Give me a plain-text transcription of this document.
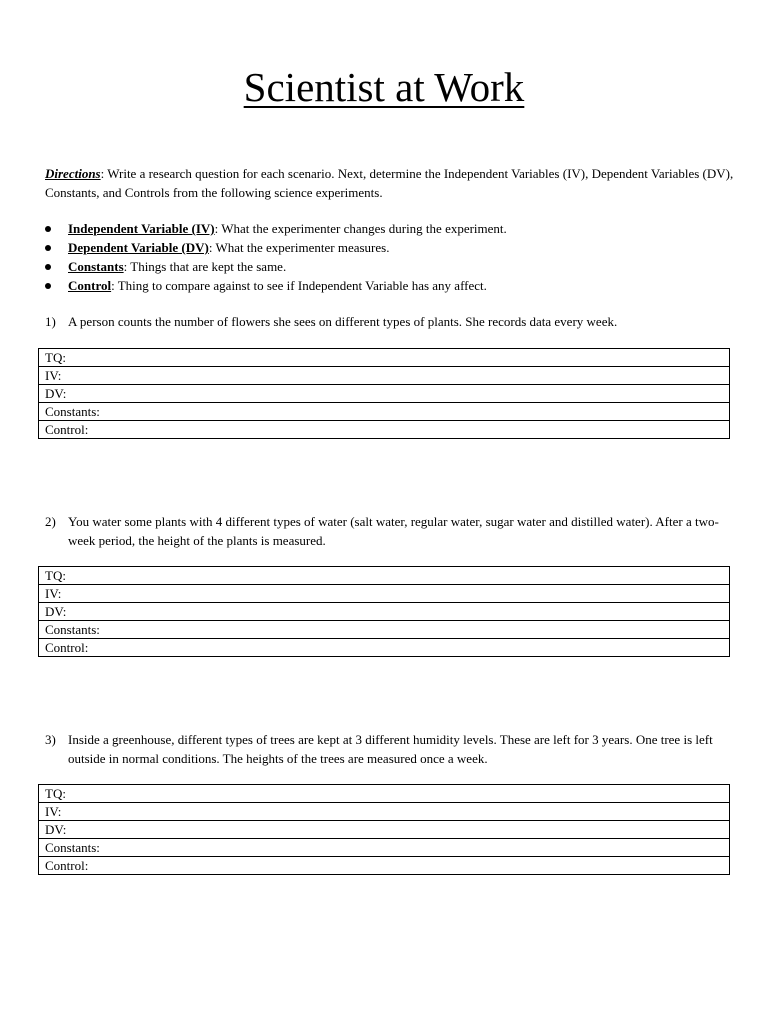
Scientist at Work
Directions: Write a research question for each scenario. Next, determine the Independent Variables (IV), Dependent Variables (DV), Constants, and Controls from the following science experiments.
Independent Variable (IV): What the experimenter changes during the experiment.
Dependent Variable (DV): What the experimenter measures.
Constants: Things that are kept the same.
Control: Thing to compare against to see if Independent Variable has any affect.
1) A person counts the number of flowers she sees on different types of plants. She records data every week.
TQ:
IV:
DV:
Constants:
Control:
2) You water some plants with 4 different types of water (salt water, regular water, sugar water and distilled water). After a two-week period, the height of the plants is measured.
TQ:
IV:
DV:
Constants:
Control:
3) Inside a greenhouse, different types of trees are kept at 3 different humidity levels. These are left for 3 years. One tree is left outside in normal conditions. The heights of the trees are measured once a week.
TQ:
IV:
DV:
Constants:
Control:
